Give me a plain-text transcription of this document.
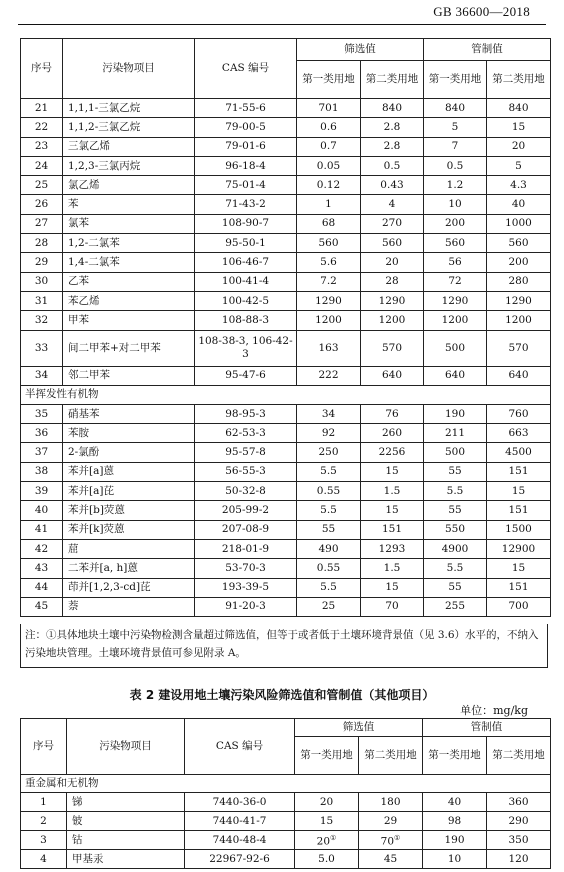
GB 36600—2018
序号	污染物项目	CAS 编号	筛选值		管制值	
			第一类用地	第二类用地	第一类用地	第二类用地
21	1,1,1-三氯乙烷	71-55-6	701	840	840	840
22	1,1,2-三氯乙烷	79-00-5	0.6	2.8	5	15
23	三氯乙烯	79-01-6	0.7	2.8	7	20
24	1,2,3-三氯丙烷	96-18-4	0.05	0.5	0.5	5
25	氯乙烯	75-01-4	0.12	0.43	1.2	4.3
26	苯	71-43-2	1	4	10	40
27	氯苯	108-90-7	68	270	200	1000
28	1,2-二氯苯	95-50-1	560	560	560	560
29	1,4-二氯苯	106-46-7	5.6	20	56	200
30	乙苯	100-41-4	7.2	28	72	280
31	苯乙烯	100-42-5	1290	1290	1290	1290
32	甲苯	108-88-3	1200	1200	1200	1200
33	间二甲苯+对二甲苯	108-38-3, 106-42-3	163	570	500	570
34	邻二甲苯	95-47-6	222	640	640	640
半挥发性有机物						
35	硝基苯	98-95-3	34	76	190	760
36	苯胺	62-53-3	92	260	211	663
37	2-氯酚	95-57-8	250	2256	500	4500
38	苯并[a]蒽	56-55-3	5.5	15	55	151
39	苯并[a]芘	50-32-8	0.55	1.5	5.5	15
40	苯并[b]荧蒽	205-99-2	5.5	15	55	151
41	苯并[k]荧蒽	207-08-9	55	151	550	1500
42	䓛	218-01-9	490	1293	4900	12900
43	二苯并[a, h]蒽	53-70-3	0.55	1.5	5.5	15
44	茚并[1,2,3-cd]芘	193-39-5	5.5	15	55	151
45	萘	91-20-3	25	70	255	700
注：①具体地块土壤中污染物检测含量超过筛选值，但等于或者低于土壤环境背景值（见 3.6）水平的，不纳入污染地块管理。土壤环境背景值可参见附录 A。
表 2 建设用地土壤污染风险筛选值和管制值（其他项目）
单位：mg/kg
序号	污染物项目	CAS 编号	筛选值		管制值	
			第一类用地	第二类用地	第一类用地	第二类用地
重金属和无机物						
1	锑	7440-36-0	20	180	40	360
2	铍	7440-41-7	15	29	98	290
3	钴	7440-48-4	20①	70①	190	350
4	甲基汞	22967-92-6	5.0	45	10	120
